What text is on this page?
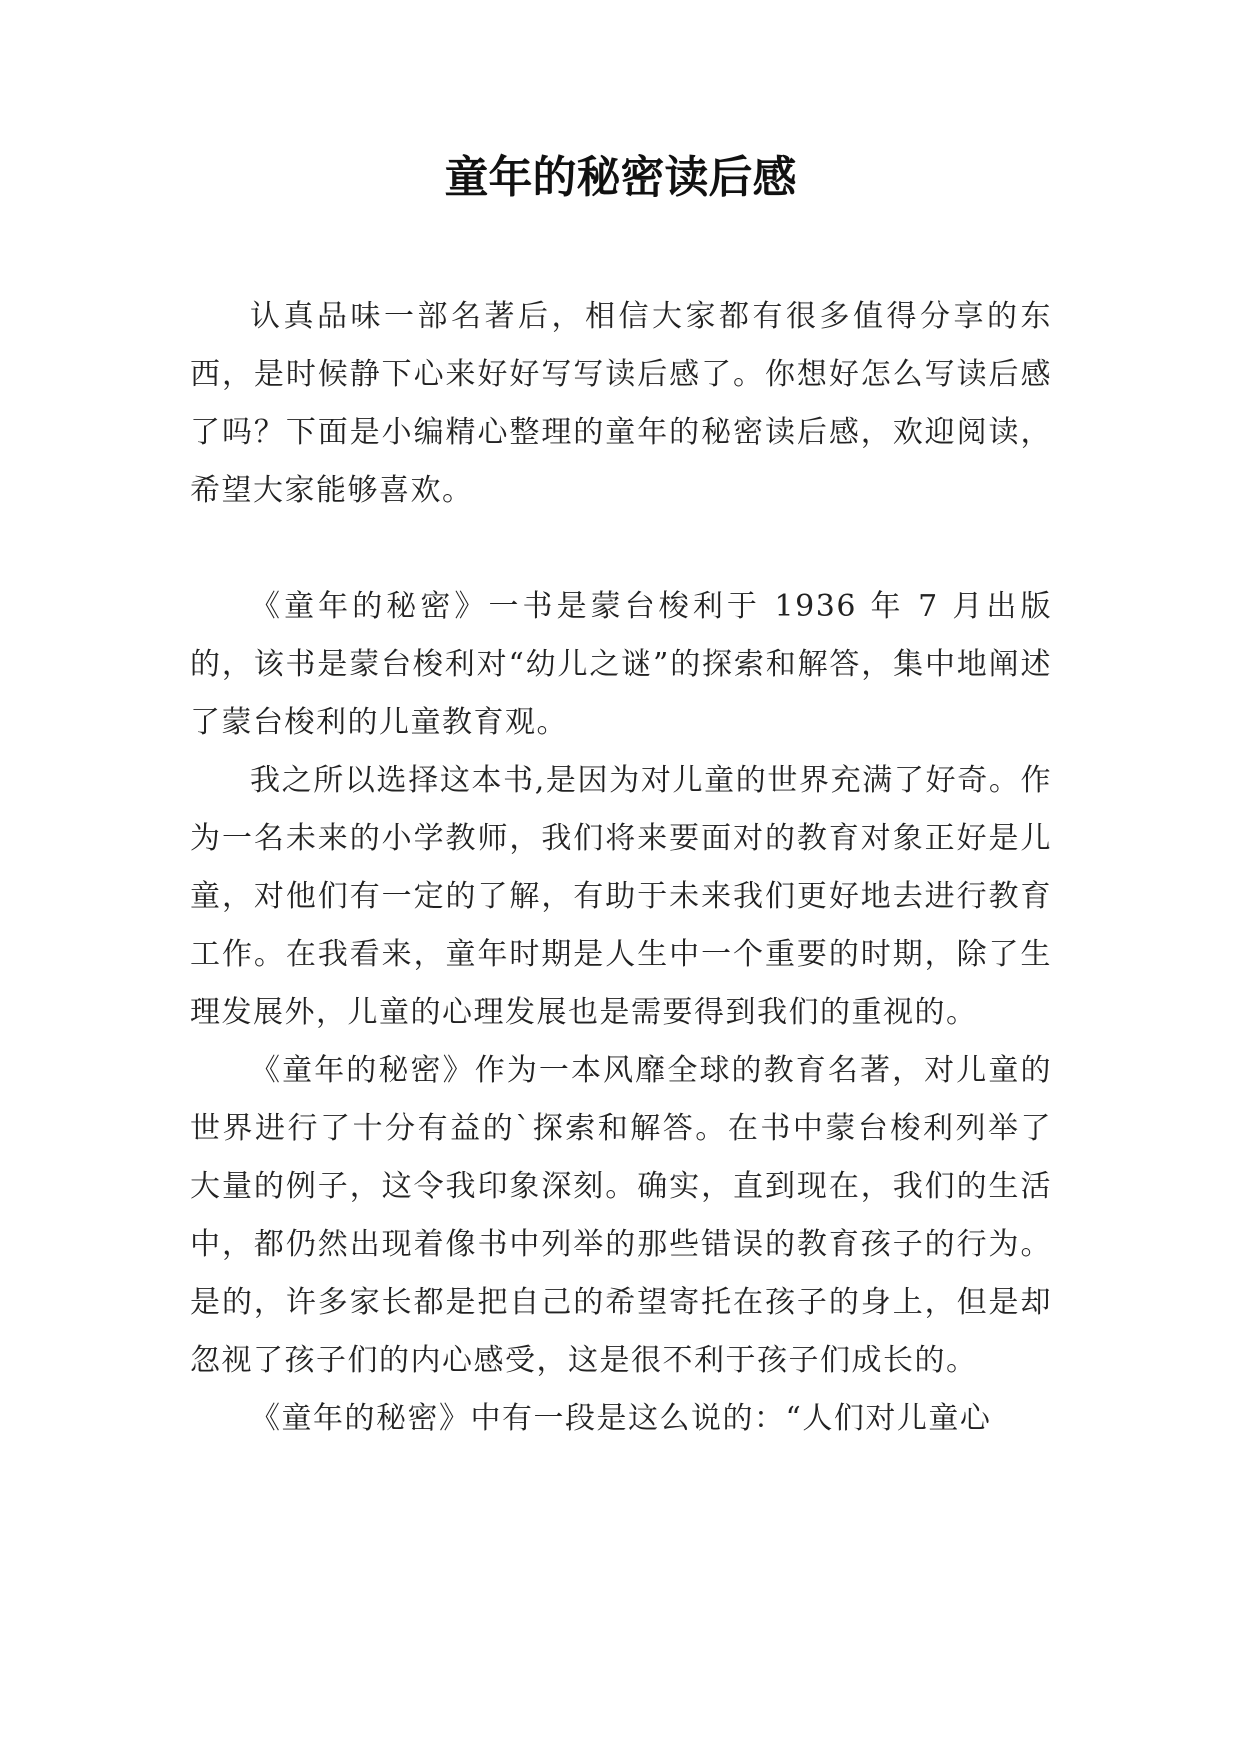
童年的秘密读后感

认真品味一部名著后，相信大家都有很多值得分享的东西，是时候静下心来好好写写读后感了。你想好怎么写读后感了吗？下面是小编精心整理的童年的秘密读后感，欢迎阅读，希望大家能够喜欢。

《童年的秘密》一书是蒙台梭利于 1936 年 7 月出版的，该书是蒙台梭利对“幼儿之谜”的探索和解答，集中地阐述了蒙台梭利的儿童教育观。

我之所以选择这本书,是因为对儿童的世界充满了好奇。作为一名未来的小学教师，我们将来要面对的教育对象正好是儿童，对他们有一定的了解，有助于未来我们更好地去进行教育工作。在我看来，童年时期是人生中一个重要的时期，除了生理发展外，儿童的心理发展也是需要得到我们的重视的。

《童年的秘密》作为一本风靡全球的教育名著，对儿童的世界进行了十分有益的`探索和解答。在书中蒙台梭利列举了大量的例子，这令我印象深刻。确实，直到现在，我们的生活中，都仍然出现着像书中列举的那些错误的教育孩子的行为。是的，许多家长都是把自己的希望寄托在孩子的身上，但是却忽视了孩子们的内心感受，这是很不利于孩子们成长的。

《童年的秘密》中有一段是这么说的：“人们对儿童心
